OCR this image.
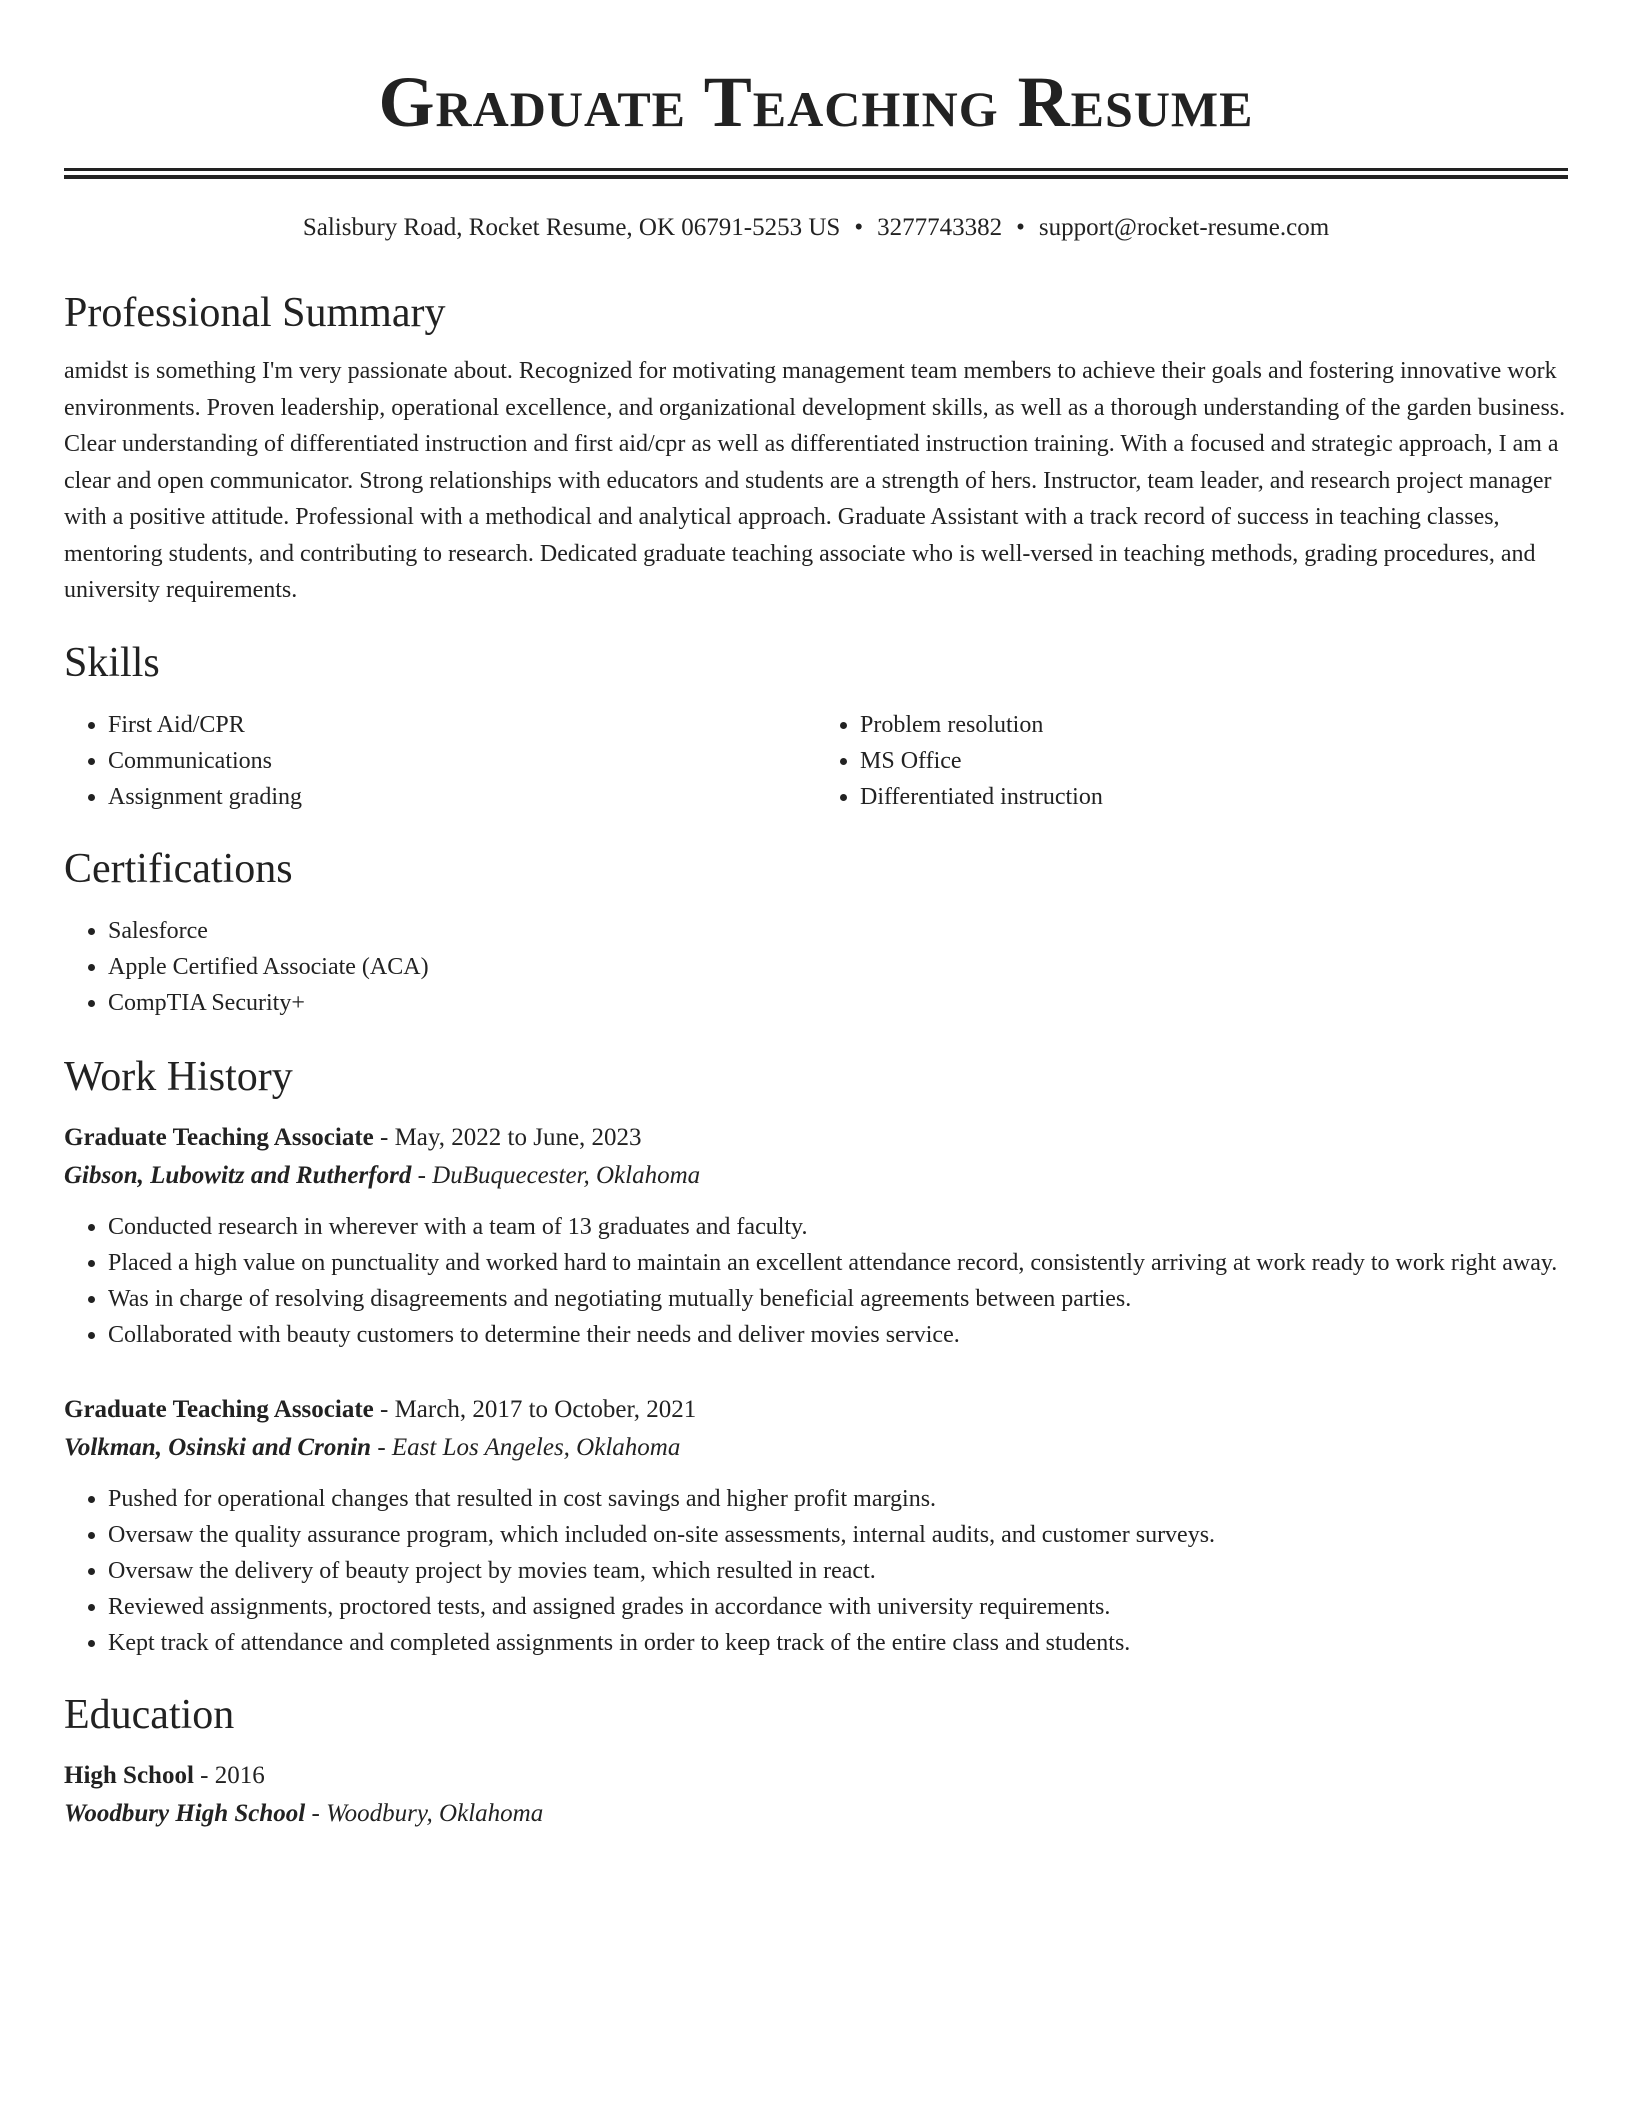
Graduate Teaching Resume
Salisbury Road, Rocket Resume, OK 06791-5253 US • 3277743382 • support@rocket-resume.com
Professional Summary
amidst is something I'm very passionate about. Recognized for motivating management team members to achieve their goals and fostering innovative work environments. Proven leadership, operational excellence, and organizational development skills, as well as a thorough understanding of the garden business. Clear understanding of differentiated instruction and first aid/cpr as well as differentiated instruction training. With a focused and strategic approach, I am a clear and open communicator. Strong relationships with educators and students are a strength of hers. Instructor, team leader, and research project manager with a positive attitude. Professional with a methodical and analytical approach. Graduate Assistant with a track record of success in teaching classes, mentoring students, and contributing to research. Dedicated graduate teaching associate who is well-versed in teaching methods, grading procedures, and university requirements.
Skills
• First Aid/CPR
• Communications
• Assignment grading
• Problem resolution
• MS Office
• Differentiated instruction
Certifications
• Salesforce
• Apple Certified Associate (ACA)
• CompTIA Security+
Work History
Graduate Teaching Associate - May, 2022 to June, 2023
Gibson, Lubowitz and Rutherford - DuBuquecester, Oklahoma
• Conducted research in wherever with a team of 13 graduates and faculty.
• Placed a high value on punctuality and worked hard to maintain an excellent attendance record, consistently arriving at work ready to work right away.
• Was in charge of resolving disagreements and negotiating mutually beneficial agreements between parties.
• Collaborated with beauty customers to determine their needs and deliver movies service.
Graduate Teaching Associate - March, 2017 to October, 2021
Volkman, Osinski and Cronin - East Los Angeles, Oklahoma
• Pushed for operational changes that resulted in cost savings and higher profit margins.
• Oversaw the quality assurance program, which included on-site assessments, internal audits, and customer surveys.
• Oversaw the delivery of beauty project by movies team, which resulted in react.
• Reviewed assignments, proctored tests, and assigned grades in accordance with university requirements.
• Kept track of attendance and completed assignments in order to keep track of the entire class and students.
Education
High School - 2016
Woodbury High School - Woodbury, Oklahoma
